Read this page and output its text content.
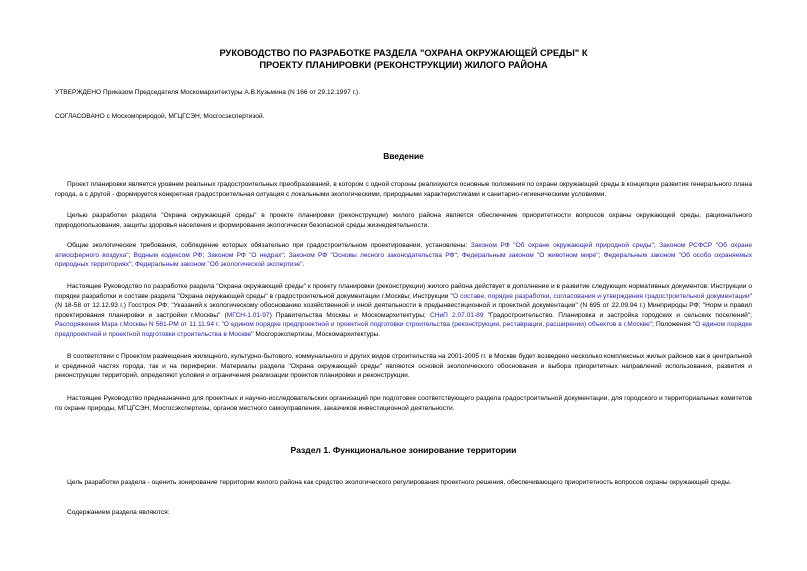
РУКОВОДСТВО ПО РАЗРАБОТКЕ РАЗДЕЛА "ОХРАНА ОКРУЖАЮЩЕЙ СРЕДЫ" К
ПРОЕКТУ ПЛАНИРОВКИ (РЕКОНСТРУКЦИИ) ЖИЛОГО РАЙОНА

УТВЕРЖДЕНО Приказом Председателя Москомархитектуры А.В.Кузьмина (N 166 от 29.12.1997 г.).

СОГЛАСОВАНО с Москомприродой, МГЦГСЭН, Мосгосэкспертизой.

Введение

Проект планировки является уровнем реальных градостроительных преобразований, в котором с одной стороны реализуются основные положения по охране окружающей среды в концепции развития генерального плана города, а с другой - формируется конкретная градостроительная ситуация с локальными экологическими, природными характеристиками и санитарно-гигиеническими условиями.

Целью разработки раздела "Охрана окружающей среды" в проекте планировки (реконструкции) жилого района является обеспечение приоритетности вопросов охраны окружающей среды, рационального природопользования, защиты здоровья населения и формирования экологически безопасной среды жизнедеятельности.

Общие экологические требования, соблюдение которых обязательно при градостроительном проектировании, установлены: Законом РФ "Об охране окружающей природной среды"; Законом РСФСР "Об охране атмосферного воздуха"; Водным кодексом РФ; Законом РФ "О недрах"; Законом РФ "Основы лесного законодательства РФ"; Федеральным законом "О животном мире"; Федеральным законом "Об особо охраняемых природных территориях"; Федеральным законом "Об экологической экспертизе".

Настоящее Руководство по разработке раздела "Охрана окружающей среды" к проекту планировки (реконструкции) жилого района действует в дополнение и в развитие следующих нормативных документов: Инструкции о порядке разработки и составе раздела "Охрана окружающей среды" в градостроительной документации г.Москвы; Инструкции "О составе, порядке разработки, согласования и утверждения градостроительной документации" (N 18-58 от 12.12.93 г.) Госстроя РФ; "Указаний к экологическому обоснованию хозяйственной и иной деятельности в предынвестиционной и проектной документации" (N 695 от 22.09.94 г.) Минприроды РФ; "Норм и правил проектирования планировки и застройки г.Москвы" (МГСН-1.01-97) Правительства Москвы и Москомархитектуры; СНиП 2.07.01-89 "Градостроительство. Планировка и застройка городских и сельских поселений"; Распоряжения Мэра г.Москвы N 561-РМ от 11.11.94 г. "О едином порядке предпроектной и проектной подготовки строительства (реконструкции, реставрации, расширении) объектов в г.Москве"; Положения "О едином порядке предпроектной и проектной подготовки строительства в Москве" Мосгорэкспертизы, Москомархитектуры.

В соответствии с Проектом размещения жилищного, культурно-бытового, коммунального и других видов строительства на 2001-2005 гг. в Москве будет возведено несколько комплексных жилых районов как в центральной и срединной частях города, так и на периферии. Материалы раздела "Охрана окружающей среды" являются основой экологического обоснования и выбора приоритетных направлений использования, развития и реконструкции территорий, определяют условия и ограничения реализации проектов планировки и реконструкции.

Настоящее Руководство предназначено для проектных и научно-исследовательских организаций при подготовке соответствующего раздела градостроительной документации, для городского и территориальных комитетов по охране природы, МГЦГСЭН, Мосгосэкспертизы, органов местного самоуправления, заказчиков инвестиционной деятельности.

Раздел 1. Функциональное зонирование территории

Цель разработки раздела - оценить зонирование территории жилого района как средство экологического регулирования проектного решения, обеспечивающего приоритетность вопросов охраны окружающей среды.

Содержанием раздела являются:
